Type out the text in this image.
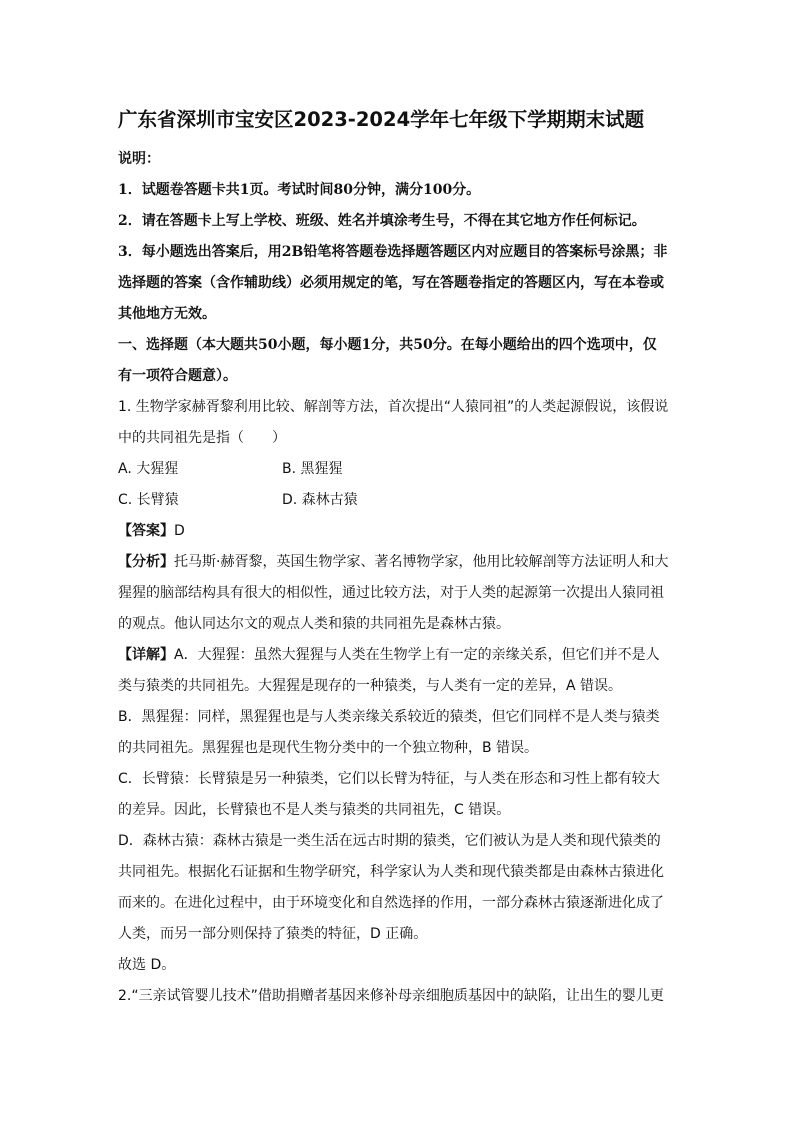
广东省深圳市宝安区2023-2024学年七年级下学期期末试题
说明：
1．试题卷答题卡共1页。考试时间80分钟，满分100分。
2．请在答题卡上写上学校、班级、姓名并填涂考生号，不得在其它地方作任何标记。
3．每小题选出答案后，用2B铅笔将答题卷选择题答题区内对应题目的答案标号涂黑；非
选择题的答案（含作辅助线）必须用规定的笔，写在答题卷指定的答题区内，写在本卷或
其他地方无效。
一、选择题（本大题共50小题，每小题1分，共50分。在每小题给出的四个选项中，仅
有一项符合题意）。
1. 生物学家赫胥黎利用比较、解剖等方法，首次提出“人猿同祖”的人类起源假说，该假说
中的共同祖先是指（　　）
A. 大猩猩	B. 黑猩猩
C. 长臂猿	D. 森林古猿
【答案】D
【分析】托马斯·赫胥黎，英国生物学家、著名博物学家，他用比较解剖等方法证明人和大
猩猩的脑部结构具有很大的相似性，通过比较方法，对于人类的起源第一次提出人猿同祖
的观点。他认同达尔文的观点人类和猿的共同祖先是森林古猿。
【详解】A．大猩猩：虽然大猩猩与人类在生物学上有一定的亲缘关系，但它们并不是人
类与猿类的共同祖先。大猩猩是现存的一种猿类，与人类有一定的差异，A 错误。
B．黑猩猩：同样，黑猩猩也是与人类亲缘关系较近的猿类，但它们同样不是人类与猿类
的共同祖先。黑猩猩也是现代生物分类中的一个独立物种，B 错误。
C．长臂猿：长臂猿是另一种猿类，它们以长臂为特征，与人类在形态和习性上都有较大
的差异。因此，长臂猿也不是人类与猿类的共同祖先，C 错误。
D．森林古猿：森林古猿是一类生活在远古时期的猿类，它们被认为是人类和现代猿类的
共同祖先。根据化石证据和生物学研究，科学家认为人类和现代猿类都是由森林古猿进化
而来的。在进化过程中，由于环境变化和自然选择的作用，一部分森林古猿逐渐进化成了
人类，而另一部分则保持了猿类的特征，D 正确。
故选 D。
2.“三亲试管婴儿技术”借助捐赠者基因来修补母亲细胞质基因中的缺陷，让出生的婴儿更
